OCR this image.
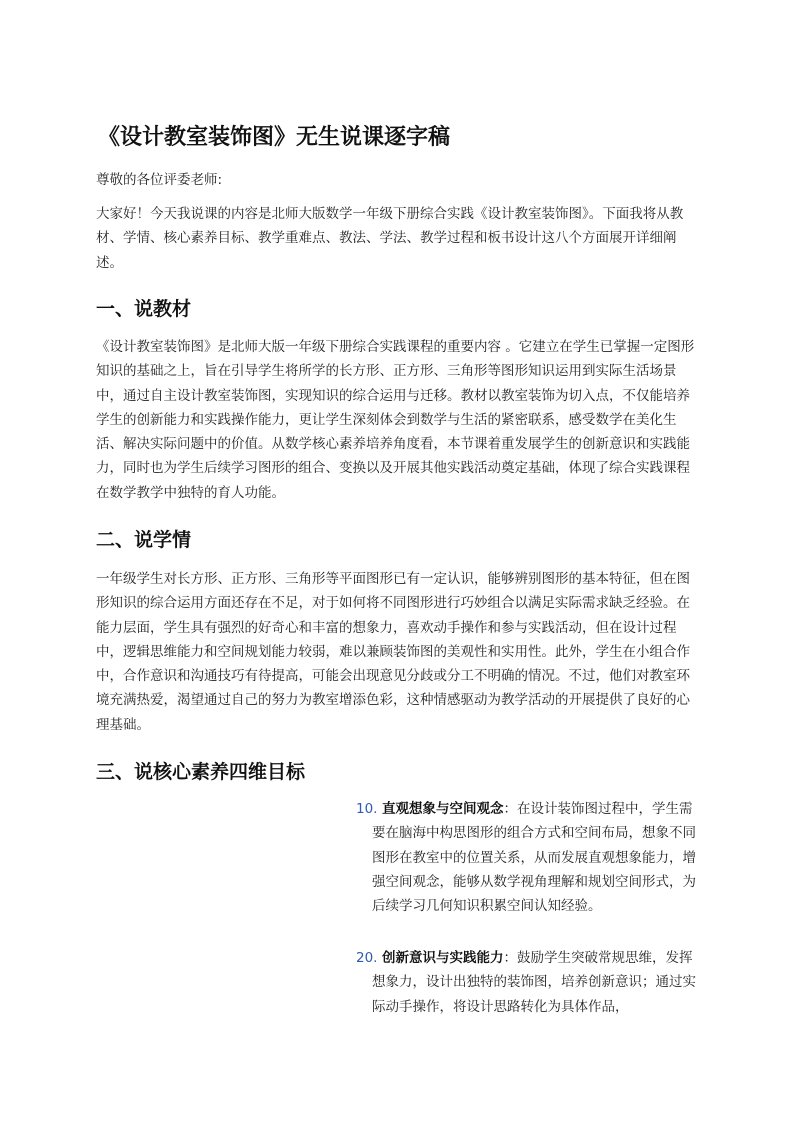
《设计教室装饰图》无生说课逐字稿
尊敬的各位评委老师:

大家好！今天我说课的内容是北师大版数学一年级下册综合实践《设计教室装饰图》。下面我将从教材、学情、核心素养目标、教学重难点、教法、学法、教学过程和板书设计这八个方面展开详细阐述。

一、说教材

《设计教室装饰图》是北师大版一年级下册综合实践课程的重要内容 。它建立在学生已掌握一定图形知识的基础之上，旨在引导学生将所学的长方形、正方形、三角形等图形知识运用到实际生活场景中，通过自主设计教室装饰图，实现知识的综合运用与迁移。教材以教室装饰为切入点，不仅能培养学生的创新能力和实践操作能力，更让学生深刻体会到数学与生活的紧密联系，感受数学在美化生活、解决实际问题中的价值。从数学核心素养培养角度看，本节课着重发展学生的创新意识和实践能力，同时也为学生后续学习图形的组合、变换以及开展其他实践活动奠定基础，体现了综合实践课程在数学教学中独特的育人功能。

二、说学情

一年级学生对长方形、正方形、三角形等平面图形已有一定认识，能够辨别图形的基本特征，但在图形知识的综合运用方面还存在不足，对于如何将不同图形进行巧妙组合以满足实际需求缺乏经验。在能力层面，学生具有强烈的好奇心和丰富的想象力，喜欢动手操作和参与实践活动，但在设计过程中，逻辑思维能力和空间规划能力较弱，难以兼顾装饰图的美观性和实用性。此外，学生在小组合作中，合作意识和沟通技巧有待提高，可能会出现意见分歧或分工不明确的情况。不过，他们对教室环境充满热爱，渴望通过自己的努力为教室增添色彩，这种情感驱动为教学活动的开展提供了良好的心理基础。

三、说核心素养四维目标
10. 直观想象与空间观念：在设计装饰图过程中，学生需要在脑海中构思图形的组合方式和空间布局，想象不同图形在教室中的位置关系，从而发展直观想象能力，增强空间观念，能够从数学视角理解和规划空间形式，为后续学习几何知识积累空间认知经验。
20. 创新意识与实践能力：鼓励学生突破常规思维，发挥想象力，设计出独特的装饰图，培养创新意识；通过实际动手操作，将设计思路转化为具体作品，
